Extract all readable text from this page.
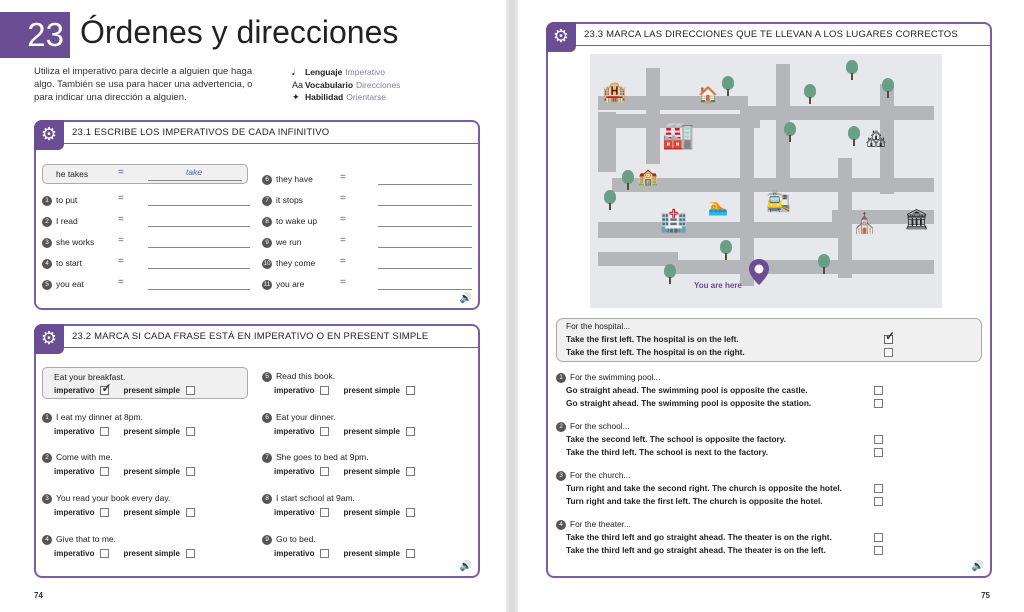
23 Órdenes y direcciones
Utiliza el imperativo para decirle a alguien que haga algo. También se usa para hacer una advertencia, o para indicar una dirección a alguien.
𝅘𝅥 Lenguaje Imperativo
Aa Vocabulario Direcciones
✦ Habilidad Orientarse
⚙	23.1 ESCRIBE LOS IMPERATIVOS DE CADA INFINITIVO
🔊
he takes	=	take
1 to put	=
2 I read	=
3 she works =
4 to start	=
5 you eat	=
6 they have	=
7 it stops	=
8 to wake up =
9 we run	=
10 they come =
11 you are	=
⚙	23.2 MARCA SI CADA FRASE ESTÁ EN IMPERATIVO O EN PRESENT SIMPLE
🔊
Eat your breakfast.
imperativo✓	present simple
1 I eat my dinner at 8pm.
imperativo	present simple
2 Come with me.
imperativo	present simple
3 You read your book every day.
imperativo	present simple
4 Give that to me.
imperativo	present simple
5 Read this book.
imperativo	present simple
6 Eat your dinner.
imperativo	present simple
7 She goes to bed at 9pm.
imperativo	present simple
8 I start school at 9am.
imperativo	present simple
9 Go to bed.
imperativo	present simple
⚙	23.3 MARCA LAS DIRECCIONES QUE TE LLEVAN A LOS LUGARES CORRECTOS
🔊
🏨	🏠
🏭	🏘
🏫
🏊 🚉
🏥	⛪ 🏛
You are here
For the hospital...
Take the first left. The hospital is on the left.
✓
Take the first left. The hospital is on the right.
1 For the swimming pool...
Go straight ahead. The swimming pool is opposite the castle.
Go straight ahead. The swimming pool is opposite the station.
2 For the school...
Take the second left. The school is opposite the factory.
Take the third left. The school is next to the factory.
3 For the church...
Turn right and take the second right. The church is opposite the hotel.
Turn right and take the first left. The church is opposite the hotel.
4 For the theater...
Take the third left and go straight ahead. The theater is on the right.
Take the third left and go straight ahead. The theater is on the left.
74	75
